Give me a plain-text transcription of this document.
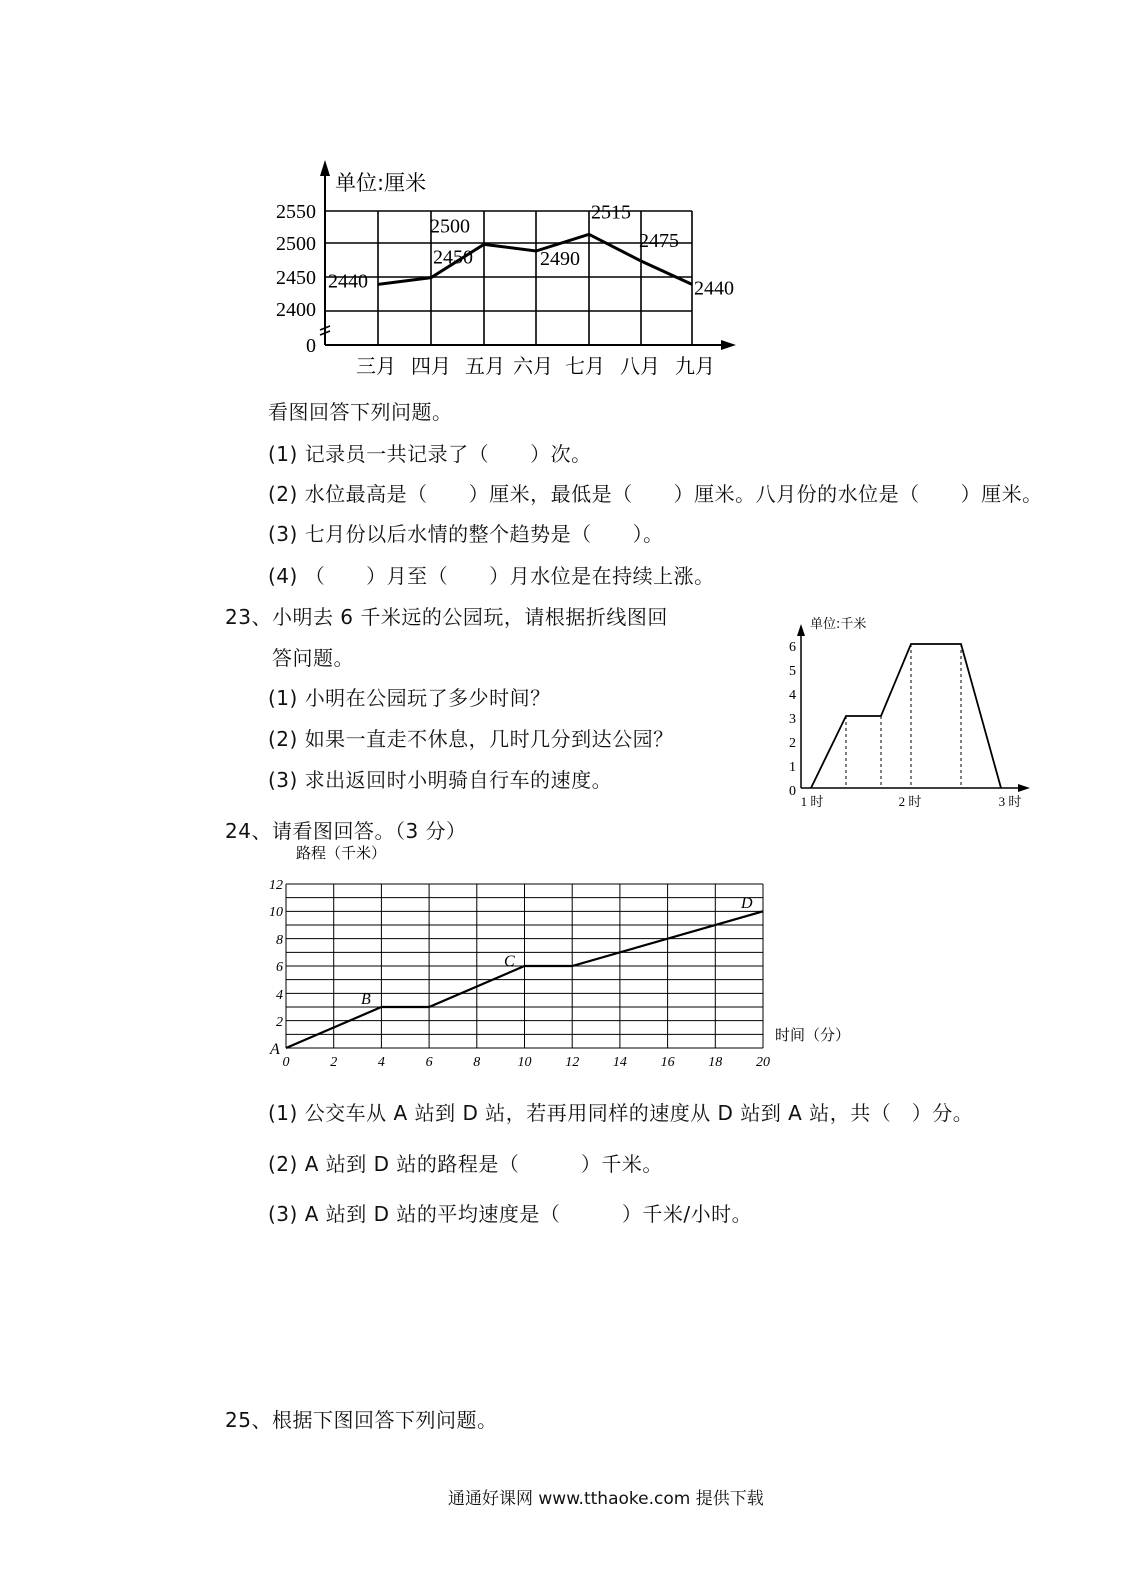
2440
2450
2500
2490
2515
2475
2440
2550
2500
2450
2400
0
单位:厘米
三月 四月 五月 六月 七月 八月 九月
看图回答下列问题。
(1) 记录员一共记录了（　　）次。
(2) 水位最高是（　　）厘米，最低是（　　）厘米。八月份的水位是（　　）厘米。
(3) 七月份以后水情的整个趋势是（　　）。
(4) （　　）月至（　　）月水位是在持续上涨。
23、小明去 6 千米远的公园玩，请根据折线图回
答问题。
(1) 小明在公园玩了多少时间？
(2) 如果一直走不休息，几时几分到达公园？
(3) 求出返回时小明骑自行车的速度。
单位:千米
6
5
4
3
2
1
0
1 时	2 时	3 时
24、请看图回答。（3 分）
路程（千米）
12
10
8
6
4
2
0	2	4	6	8	10 12 14 16 18 20
时间（分）
A
B
C
D
(1) 公交车从 A 站到 D 站，若再用同样的速度从 D 站到 A 站，共（　）分。
(2) A 站到 D 站的路程是（　　　）千米。
(3) A 站到 D 站的平均速度是（　　　）千米/小时。
25、根据下图回答下列问题。
通通好课网 www.tthaoke.com 提供下载
